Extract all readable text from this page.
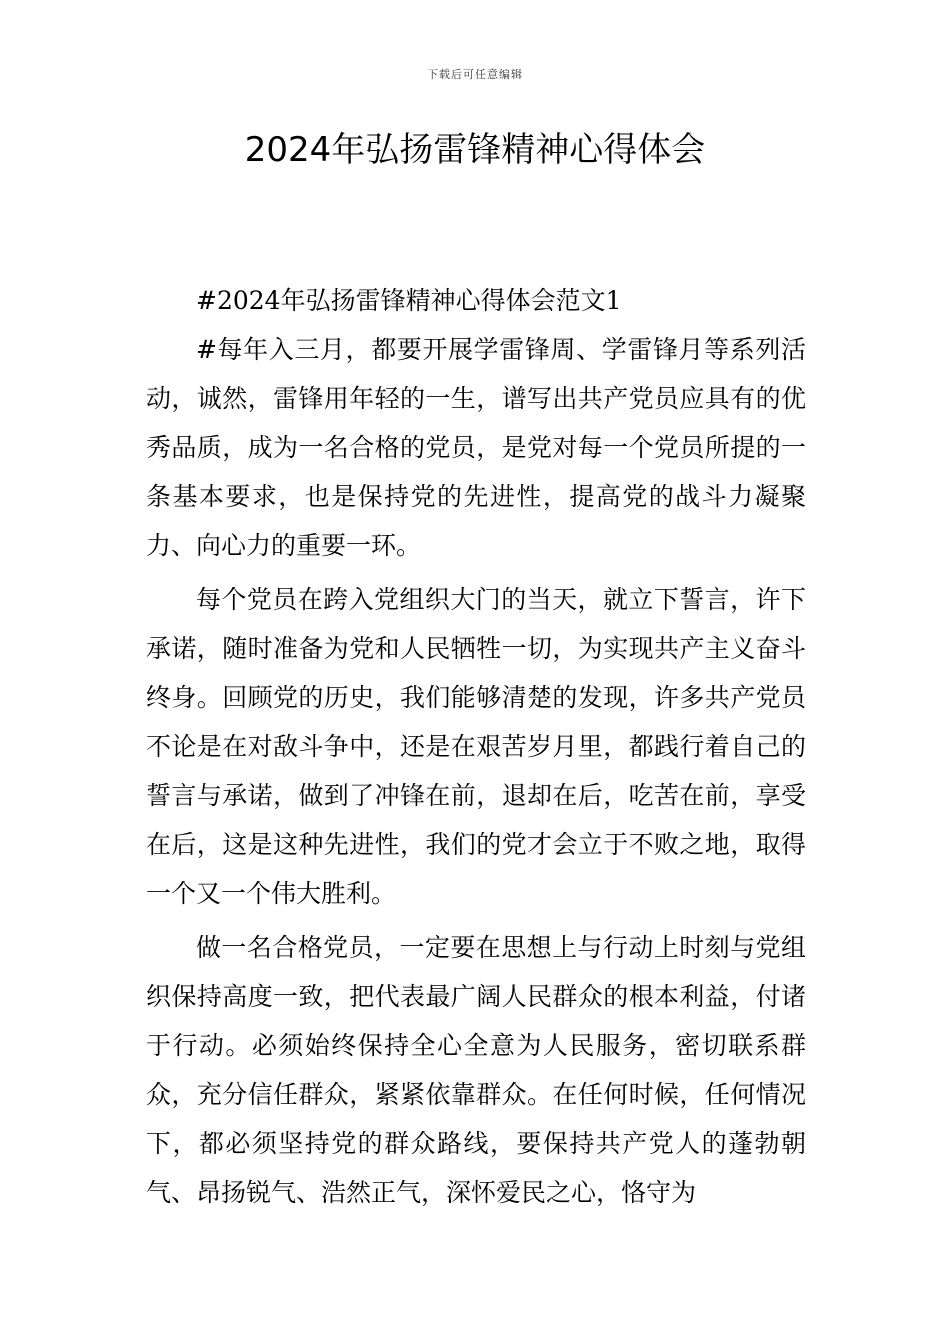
下载后可任意编辑
2024年弘扬雷锋精神心得体会

#2024年弘扬雷锋精神心得体会范文1

#每年入三月，都要开展学雷锋周、学雷锋月等系列活动，诚然，雷锋用年轻的一生，谱写出共产党员应具有的优秀品质，成为一名合格的党员，是党对每一个党员所提的一条基本要求，也是保持党的先进性，提高党的战斗力凝聚力、向心力的重要一环。

每个党员在跨入党组织大门的当天，就立下誓言，许下承诺，随时准备为党和人民牺牲一切，为实现共产主义奋斗终身。回顾党的历史，我们能够清楚的发现，许多共产党员不论是在对敌斗争中，还是在艰苦岁月里，都践行着自己的誓言与承诺，做到了冲锋在前，退却在后，吃苦在前，享受在后，这是这种先进性，我们的党才会立于不败之地，取得一个又一个伟大胜利。

做一名合格党员，一定要在思想上与行动上时刻与党组织保持高度一致，把代表最广阔人民群众的根本利益，付诸于行动。必须始终保持全心全意为人民服务，密切联系群众，充分信任群众，紧紧依靠群众。在任何时候，任何情况下，都必须坚持党的群众路线，要保持共产党人的蓬勃朝气、昂扬锐气、浩然正气，深怀爱民之心，恪守为
